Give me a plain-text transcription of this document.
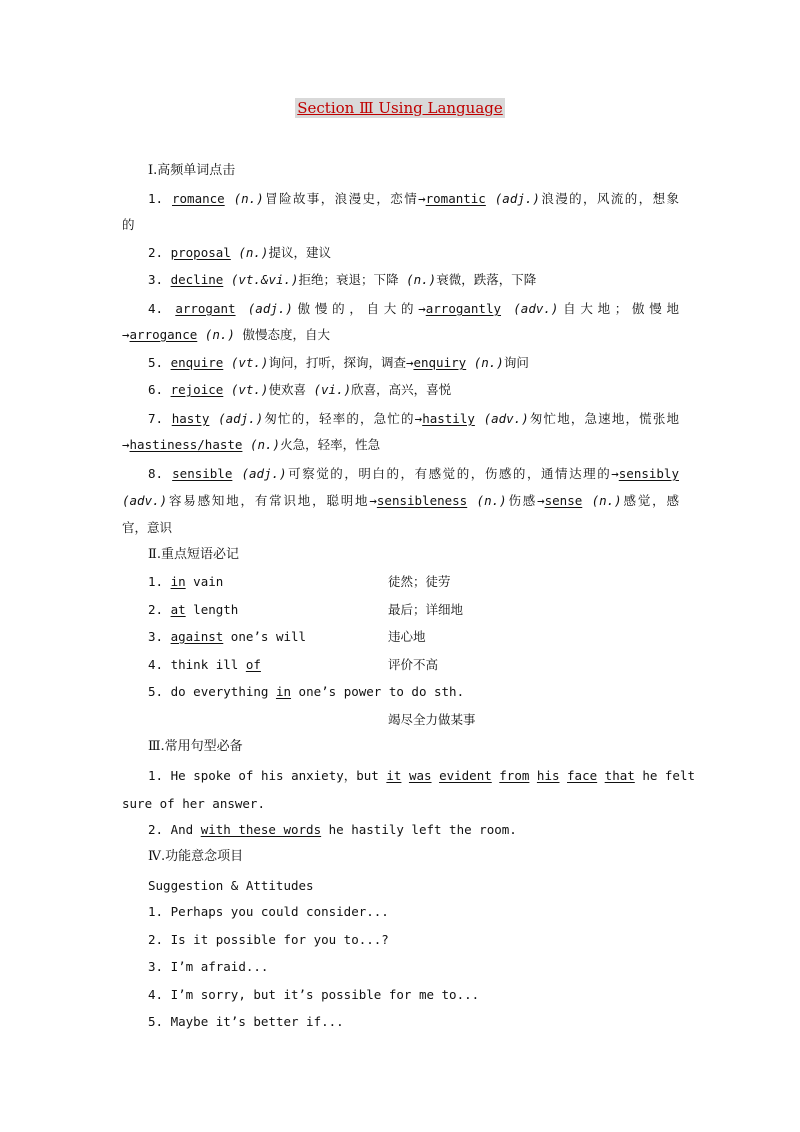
Section Ⅲ Using Language
Ⅰ.高频单词点击
1. romance (n.)冒险故事，浪漫史，恋情→romantic (adj.)浪漫的，风流的，想象
的
2. proposal (n.)提议，建议
3. decline (vt.&vi.)拒绝；衰退；下降 (n.)衰微，跌落，下降
4. arrogant (adj.)傲慢的，自大的→arrogantly (adv.)自大地；傲慢地
→arrogance (n.) 傲慢态度，自大
5. enquire (vt.)询问，打听，探询，调查→enquiry (n.)询问
6. rejoice (vt.)使欢喜 (vi.)欣喜，高兴，喜悦
7. hasty (adj.)匆忙的，轻率的，急忙的→hastily (adv.)匆忙地，急速地，慌张地
→hastiness/haste (n.)火急，轻率，性急
8. sensible (adj.)可察觉的，明白的，有感觉的，伤感的，通情达理的→sensibly
(adv.)容易感知地，有常识地，聪明地→sensibleness (n.)伤感→sense (n.)感觉，感
官，意识
Ⅱ.重点短语必记
1. in vain	徒然；徒劳
2. at length	最后；详细地
3. against one’s will	违心地
4. think ill of	评价不高
5. do everything in one’s power to do sth.
竭尽全力做某事
Ⅲ.常用句型必备
1. He spoke of his anxiety，but it was evident from his face that he felt
sure of her answer.
2. And with these words he hastily left the room.
Ⅳ.功能意念项目
Suggestion & Attitudes
1. Perhaps you could consider...
2. Is it possible for you to...?
3. I’m afraid...
4. I’m sorry, but it’s possible for me to...
5. Maybe it’s better if...
